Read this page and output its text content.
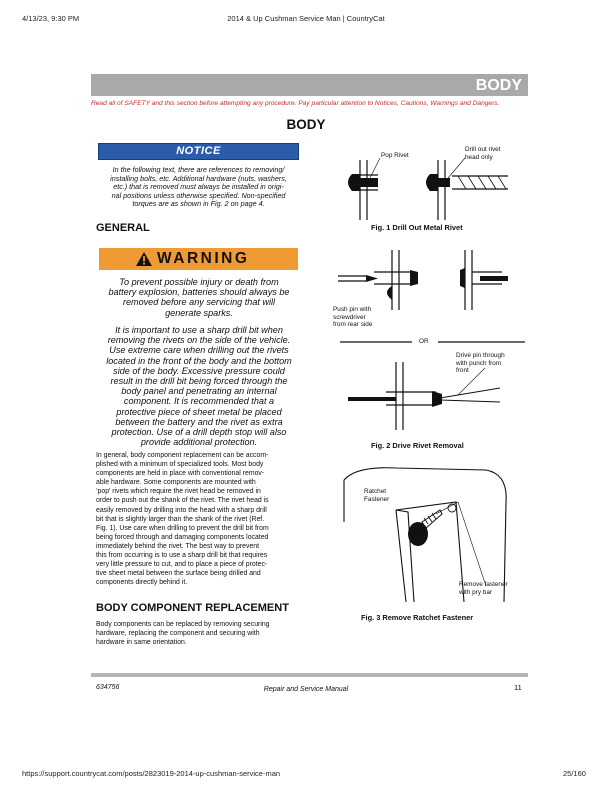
4/13/23, 9:30 PM	2014 & Up Cushman Service Man | CountryCat
BODY
Read all of SAFETY and this section before attempting any procedure. Pay particular attention to Notices, Cautions, Warnings and Dangers.
BODY
NOTICE
In the following text, there are references to removing/
installing bolts, etc. Additional hardware (nuts, washers,
etc.) that is removed must always be installed in origi-
nal positions unless otherwise specified. Non-specified
torques are as shown in Fig. 2 on page 4.
GENERAL
WARNING
To prevent possible injury or death from
battery explosion, batteries should always be
removed before any servicing that will
generate sparks.
It is important to use a sharp drill bit when
removing the rivets on the side of the vehicle.
Use extreme care when drilling out the rivets
located in the front of the body and the bottom
side of the body. Excessive pressure could
result in the drill bit being forced through the
body panel and penetrating an internal
component. It is recommended that a
protective piece of sheet metal be placed
between the battery and the rivet as extra
protection. Use of a drill depth stop will also
provide additional protection.
In general, body component replacement can be accom-
plished with a minimum of specialized tools. Most body
components are held in place with conventional remov-
able hardware. Some components are mounted with
‘pop’ rivets which require the rivet head be removed in
order to push out the shank of the rivet. The rivet head is
easily removed by drilling into the head with a sharp drill
bit that is slightly larger than the shank of the rivet (Ref.
Fig. 1). Use care when drilling to prevent the drill bit from
being forced through and damaging components located
immediately behind the rivet. The best way to prevent
this from occurring is to use a sharp drill bit that requires
very little pressure to cut, and to place a piece of protec-
tive sheet metal between the surface being drilled and
components directly behind it.
BODY COMPONENT REPLACEMENT
Body components can be replaced by removing securing
hardware, replacing the component and securing with
hardware in same orientation.
Pop Rivet
Drill out rivet
head only
Fig. 1 Drill Out Metal Rivet
Push pin with
screwdriver
from rear side
OR
Drive pin through
with punch from
front
Fig. 2 Drive Rivet Removal
Ratchet
Fastener
Remove fastener
with pry bar
Fig. 3 Remove Ratchet Fastener
634756	Repair and Service Manual	11
https://support.countrycat.com/posts/2823019-2014-up-cushman-service-man	25/160
